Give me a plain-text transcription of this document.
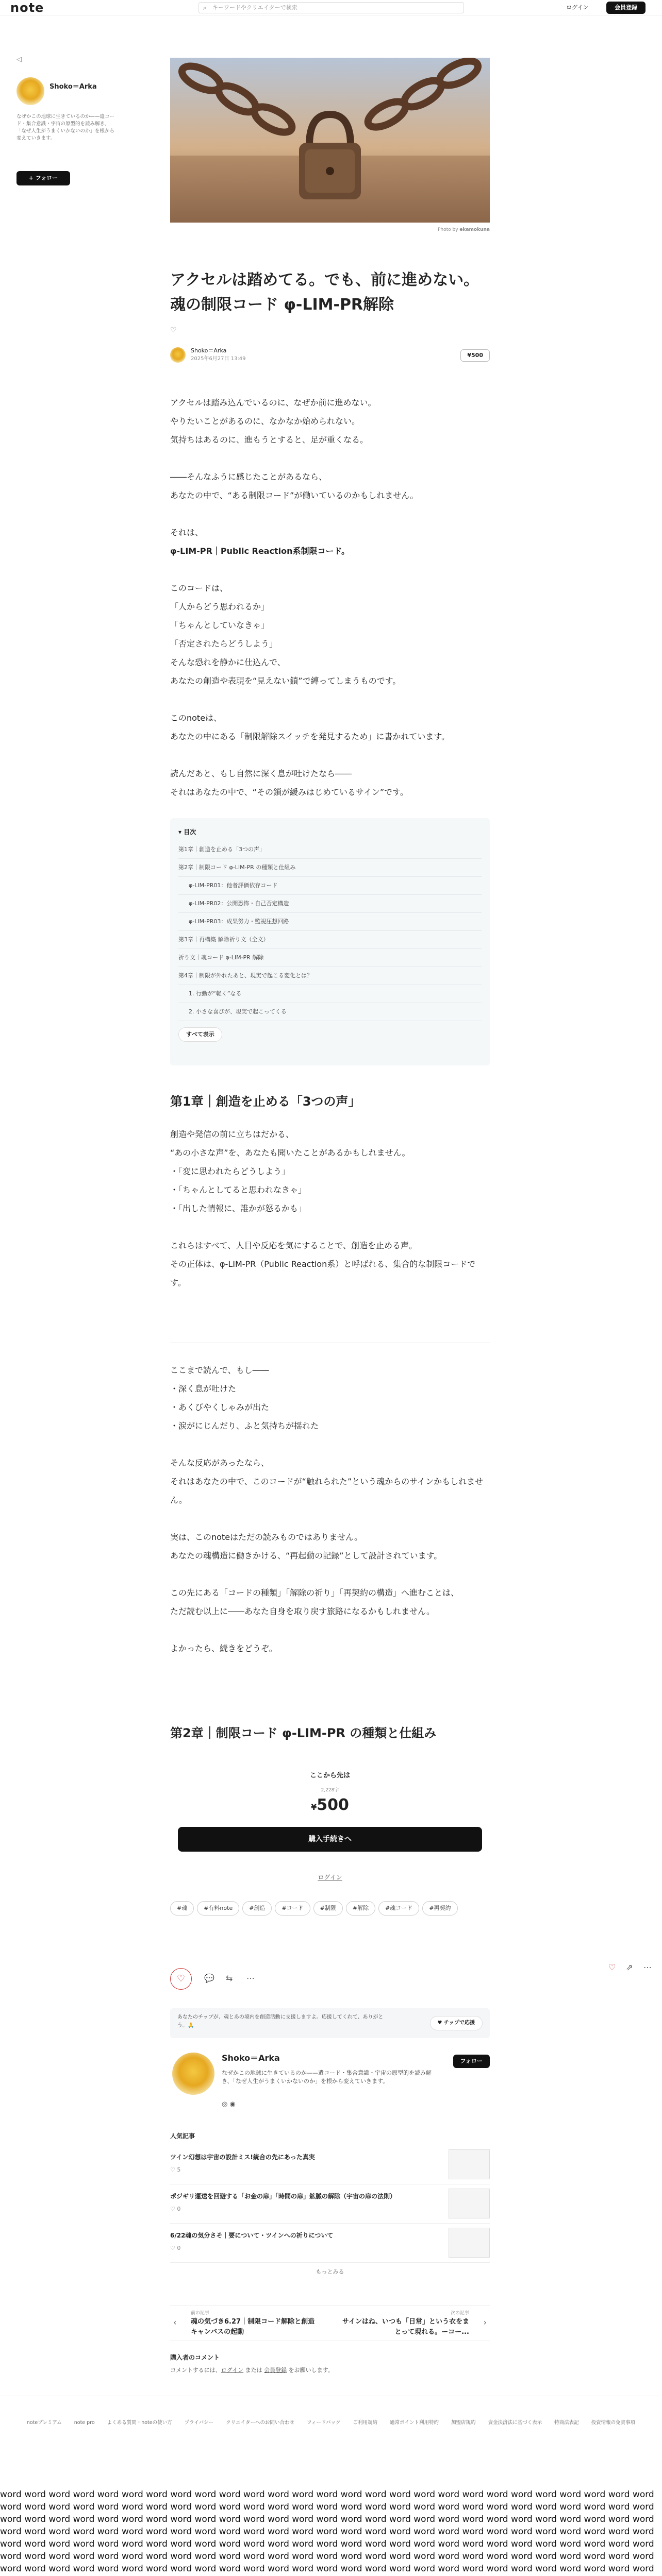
note	⌕ キーワードやクリエイターで検索	ログイン	会員登録
◁
Shoko＝Arka
なぜかこの地球に生きているのか——遺コード・集合意識・宇宙の原型的を読み解き、「なぜ人生がうまくいかないのか」を根から変えていきます。
+ フォロー
Photo by ekamokuna
アクセルは踏めてる。でも、前に進めない。 魂の制限コード φ-LIM-PR解除
♡
Shoko＝Arka
2025年6月27日 13:49
¥500
アクセルは踏み込んでいるのに、なぜか前に進めない。
やりたいことがあるのに、なかなか始められない。
気持ちはあるのに、進もうとすると、足が重くなる。

――そんなふうに感じたことがあるなら、
あなたの中で、“ある制限コード”が働いているのかもしれません。

それは、
φ-LIM-PR｜Public Reaction系制限コード。

このコードは、
「人からどう思われるか」
「ちゃんとしていなきゃ」
「否定されたらどうしよう」
そんな恐れを静かに仕込んで、
あなたの創造や表現を“見えない鎖”で縛ってしまうものです。

このnoteは、
あなたの中にある「制限解除スイッチを発見するため」に書かれています。

読んだあと、もし自然に深く息が吐けたなら――
それはあなたの中で、“その鎖が緩みはじめているサイン”です。
▾ 目次
第1章｜創造を止める「3つの声」
第2章｜制限コード φ-LIM-PR の種類と仕組み
φ-LIM-PR01：他者評価依存コード
φ-LIM-PR02：公開恐怖・自己否定構造
φ-LIM-PR03：成果努力・監視圧想回路
第3章｜再構築 解除祈り文（全文）
祈り文｜魂コード φ-LIM-PR 解除
第4章｜制限が外れたあと、現実で起こる変化とは？
1. 行動が“軽く”なる
2. 小さな喜びが、現実で起こってくる
すべて表示
第1章｜創造を止める「3つの声」
創造や発信の前に立ちはだかる、
“あの小さな声”を、あなたも聞いたことがあるかもしれません。
・「変に思われたらどうしよう」
・「ちゃんとしてると思われなきゃ」
・「出した情報に、誰かが怒るかも」

これらはすべて、人目や反応を気にすることで、創造を止める声。
その正体は、φ-LIM-PR（Public Reaction系）と呼ばれる、集合的な制限コードです。
ここまで読んで、もし――
・深く息が吐けた
・あくびやくしゃみが出た
・涙がにじんだり、ふと気持ちが揺れた

そんな反応があったなら、
それはあなたの中で、このコードが“触れられた”という魂からのサインかもしれません。

実は、このnoteはただの読みものではありません。
あなたの魂構造に働きかける、“再起動の記録”として設計されています。

この先にある「コードの種類」「解除の祈り」「再契約の構造」へ進むことは、
ただ読む以上に――あなた自身を取り戻す旅路になるかもしれません。

よかったら、続きをどうぞ。
第2章｜制限コード φ-LIM-PR の種類と仕組み
ここから先は
2,228字
¥500
購入手続きへ
ログイン
#魂	#有料note	#創造	#コード	#制限	#解除	#魂コード	#再契約
♡	💬 ⇆ ⋯
♡ ⇗ ⋯
あなたのチップが、魂とあの境内を創造活動に支援しますよ。応援してくれて、ありがとう。🙏	♥ チップで応援
Shoko＝Arka
なぜかこの地球に生きているのか——遺コード・集合意識・宇宙の原型的を読み解き、「なぜ人生がうまくいかないのか」を根から変えていきます。
フォロー
◎ ◉
人気記事
ツイン幻想は宇宙の設計ミス!統合の先にあった真実
♡ 5
ポジギリ運送を回避する「お金の扉」「時間の扉」鉱脈の解除（宇宙の扉の法則）
♡ 0
6/22魂の気分さそ｜要について・ツインへの祈りについて
♡ 0
もっとみる
‹
前の記事
魂の気づき6.27｜制限コード解除と創造キャンバスの起動
次の記事
サインはね、いつも「日常」という衣をまとって現れる。ーコー...
›
購入者のコメント
コメントするには、ログイン または 会員登録 をお願いします。
noteプレミアム	note pro	よくある質問・noteの使い方	プライバシー	クリエイターへのお問い合わせ	フィードバック	ご利用規約	通常ポイント利用特約	加盟店規約	資金決済法に基づく表示	特商法表記	投資情報の免責事項
word word word word word word word word word word word word word word word word word word word word word word word word word word word word word word word word word word word word word word word word word word word word word word word word word word word word word word word word word word word word word word word word word word word word word word word word word word word word word word word word word word word word word word word word word word word word word word word word word word word word word word word word word word word word word word word word word word word word word word word word word word word word word word word word word word word word word word word word word word word word word word word word word word word word word word word word word word word word word word word word word word word word word word word word word word word word word word word word word word word word word word word word word word word word word
